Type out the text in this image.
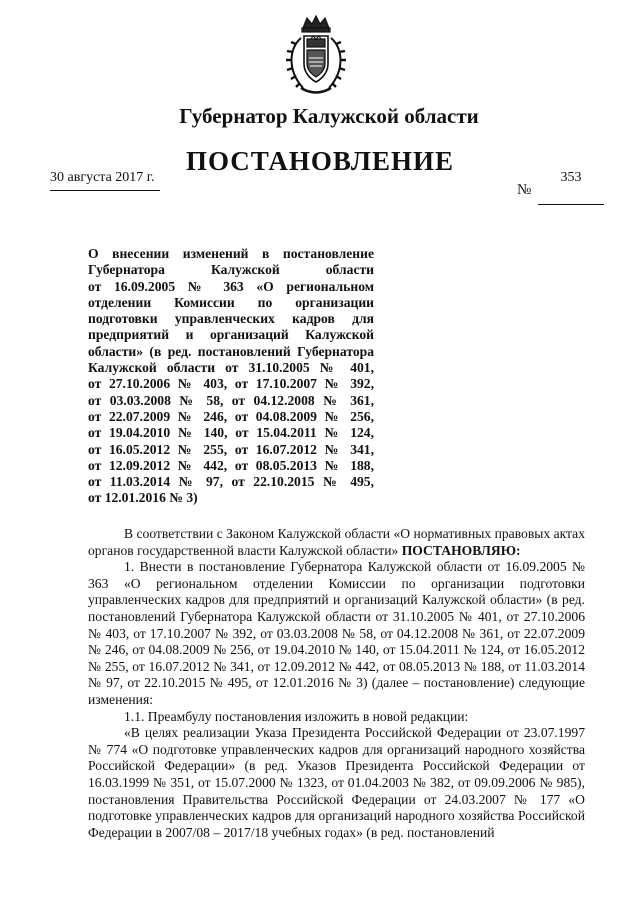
Губернатор Калужской области
ПОСТАНОВЛЕНИЕ
30 августа 2017 г.
№
353
О внесении изменений в постановление
Губернатора Калужской области
от 16.09.2005 № 363 «О региональном
отделении Комиссии по организации
подготовки управленческих кадров для
предприятий и организаций Калужской
области» (в ред. постановлений Губернатора
Калужской области от 31.10.2005 № 401,
от 27.10.2006 № 403, от 17.10.2007 № 392,
от 03.03.2008 № 58, от 04.12.2008 № 361,
от 22.07.2009 № 246, от 04.08.2009 № 256,
от 19.04.2010 № 140, от 15.04.2011 № 124,
от 16.05.2012 № 255, от 16.07.2012 № 341,
от 12.09.2012 № 442, от 08.05.2013 № 188,
от 11.03.2014 № 97, от 22.10.2015 № 495,
от 12.01.2016 № 3)

В соответствии с Законом Калужской области «О нормативных правовых актах органов государственной власти Калужской области» ПОСТАНОВЛЯЮ:

1. Внести в постановление Губернатора Калужской области от 16.09.2005 № 363 «О региональном отделении Комиссии по организации подготовки управленческих кадров для предприятий и организаций Калужской области» (в ред. постановлений Губернатора Калужской области от 31.10.2005 № 401, от 27.10.2006 № 403, от 17.10.2007 № 392, от 03.03.2008 № 58, от 04.12.2008 № 361, от 22.07.2009 № 246, от 04.08.2009 № 256, от 19.04.2010 № 140, от 15.04.2011 № 124, от 16.05.2012 № 255, от 16.07.2012 № 341, от 12.09.2012 № 442, от 08.05.2013 № 188, от 11.03.2014 № 97, от 22.10.2015 № 495, от 12.01.2016 № 3) (далее – постановление) следующие изменения:

1.1. Преамбулу постановления изложить в новой редакции:

«В целях реализации Указа Президента Российской Федерации от 23.07.1997 № 774 «О подготовке управленческих кадров для организаций народного хозяйства Российской Федерации» (в ред. Указов Президента Российской Федерации от 16.03.1999 № 351, от 15.07.2000 № 1323, от 01.04.2003 № 382, от 09.09.2006 № 985), постановления Правительства Российской Федерации от 24.03.2007 № 177 «О подготовке управленческих кадров для организаций народного хозяйства Российской Федерации в 2007/08 – 2017/18 учебных годах» (в ред. постановлений
